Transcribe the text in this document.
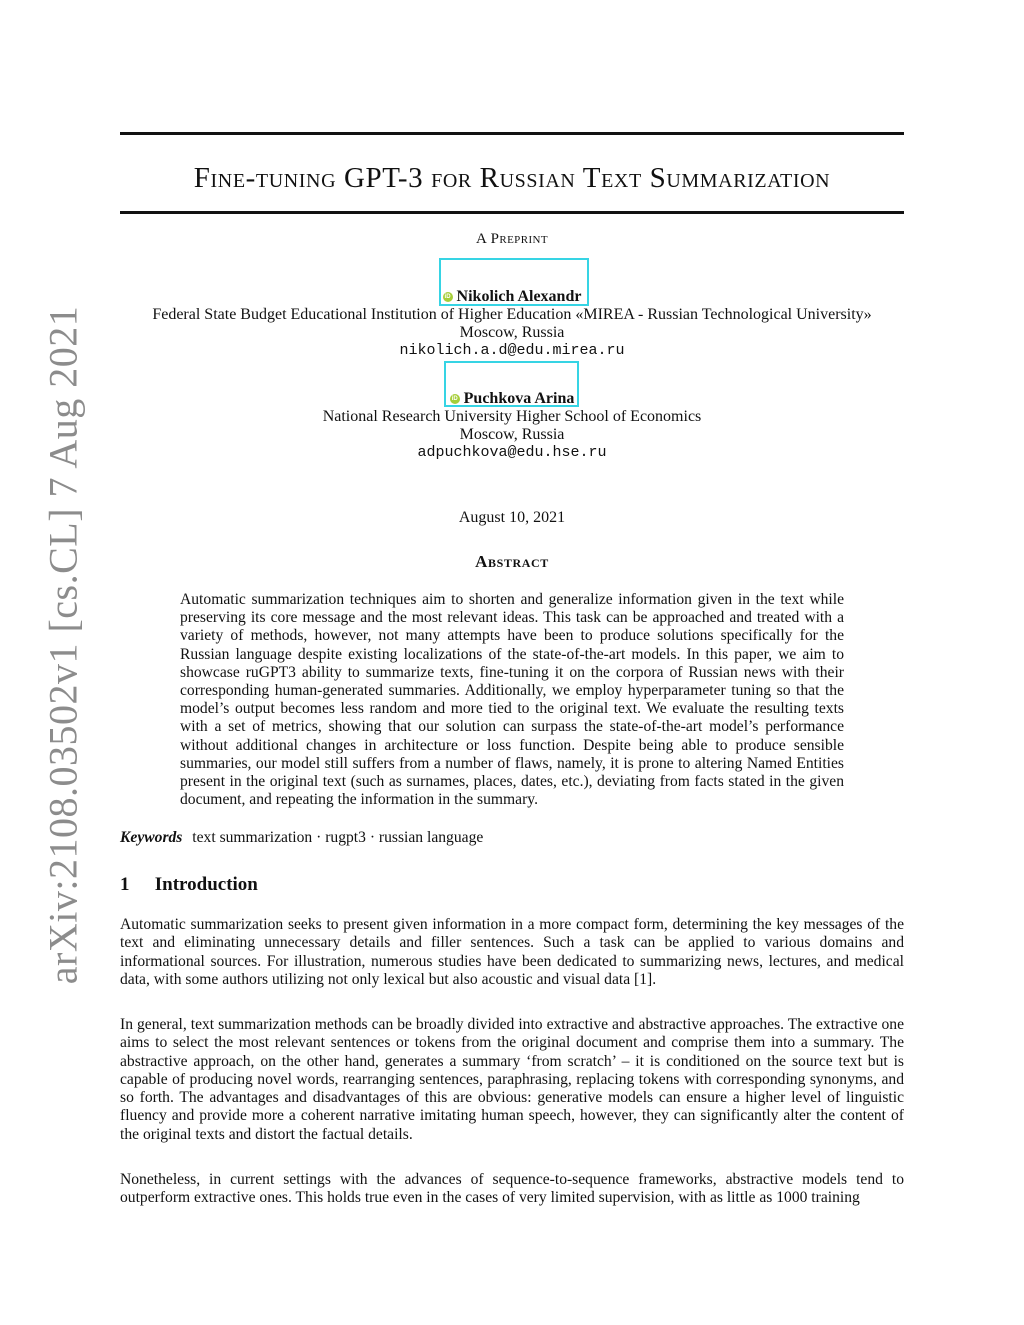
arXiv:2108.03502v1 [cs.CL] 7 Aug 2021
Fine-tuning GPT-3 for Russian Text Summarization
A Preprint
iD Nikolich Alexandr
Federal State Budget Educational Institution of Higher Education «MIREA - Russian Technological University»
Moscow, Russia
nikolich.a.d@edu.mirea.ru
iD Puchkova Arina
National Research University Higher School of Economics
Moscow, Russia
adpuchkova@edu.hse.ru
August 10, 2021
Abstract
Automatic summarization techniques aim to shorten and generalize information given in the text while preserving its core message and the most relevant ideas. This task can be approached and treated with a variety of methods, however, not many attempts have been to produce solutions specifically for the Russian language despite existing localizations of the state-of-the-art models. In this paper, we aim to showcase ruGPT3 ability to summarize texts, fine-tuning it on the corpora of Russian news with their corresponding human-generated summaries. Additionally, we employ hyperparameter tuning so that the model’s output becomes less random and more tied to the original text. We evaluate the resulting texts with a set of metrics, showing that our solution can surpass the state-of-the-art model’s performance without additional changes in architecture or loss function. Despite being able to produce sensible summaries, our model still suffers from a number of flaws, namely, it is prone to altering Named Entities present in the original text (such as surnames, places, dates, etc.), deviating from facts stated in the given document, and repeating the information in the summary.
Keywords text summarization · rugpt3 · russian language
1 Introduction
Automatic summarization seeks to present given information in a more compact form, determining the key messages of the text and eliminating unnecessary details and filler sentences. Such a task can be applied to various domains and informational sources. For illustration, numerous studies have been dedicated to summarizing news, lectures, and medical data, with some authors utilizing not only lexical but also acoustic and visual data [1].
In general, text summarization methods can be broadly divided into extractive and abstractive approaches. The extractive one aims to select the most relevant sentences or tokens from the original document and comprise them into a summary. The abstractive approach, on the other hand, generates a summary ‘from scratch’ – it is conditioned on the source text but is capable of producing novel words, rearranging sentences, paraphrasing, replacing tokens with corresponding synonyms, and so forth. The advantages and disadvantages of this are obvious: generative models can ensure a higher level of linguistic fluency and provide more a coherent narrative imitating human speech, however, they can significantly alter the content of the original texts and distort the factual details.
Nonetheless, in current settings with the advances of sequence-to-sequence frameworks, abstractive models tend to outperform extractive ones. This holds true even in the cases of very limited supervision, with as little as 1000 training
